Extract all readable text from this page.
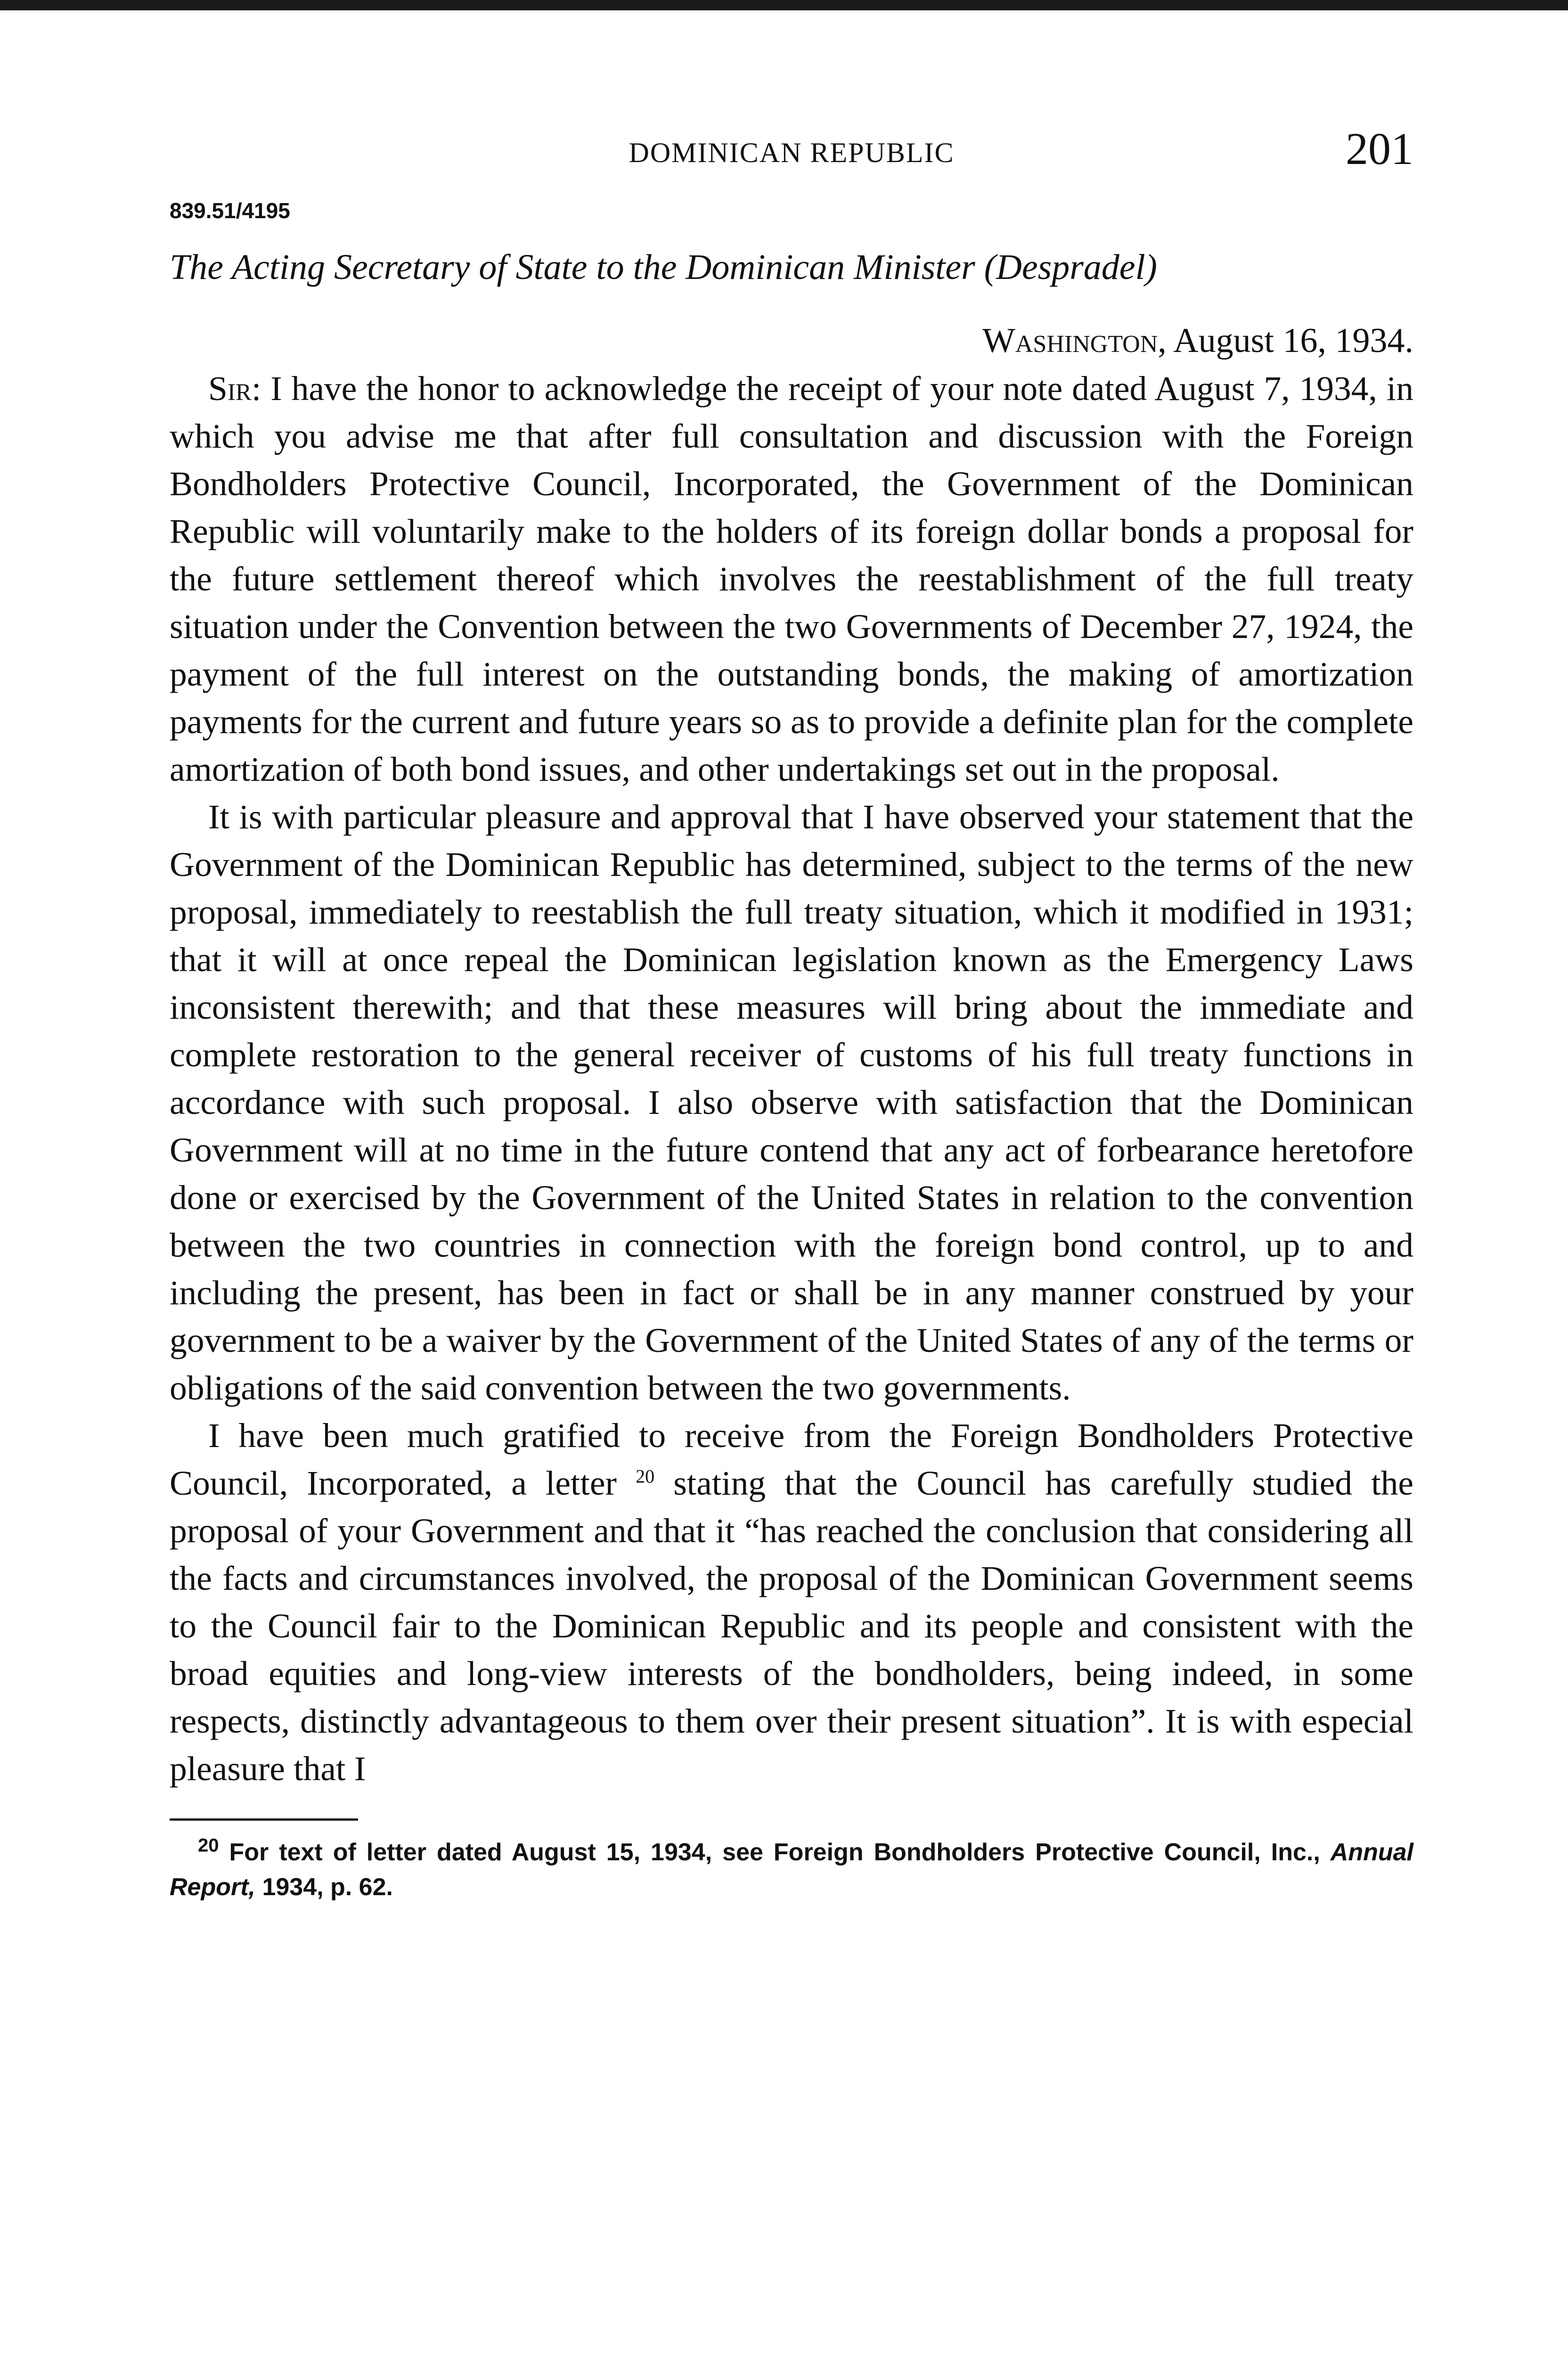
DOMINICAN REPUBLIC	201
839.51/4195
The Acting Secretary of State to the Dominican Minister (Despradel)
Washington, August 16, 1934.

Sir: I have the honor to acknowledge the receipt of your note dated August 7, 1934, in which you advise me that after full consultation and discussion with the Foreign Bondholders Protective Council, Incorporated, the Government of the Dominican Republic will voluntarily make to the holders of its foreign dollar bonds a proposal for the future settlement thereof which involves the reestablishment of the full treaty situation under the Convention between the two Governments of December 27, 1924, the payment of the full interest on the outstanding bonds, the making of amortization payments for the current and future years so as to provide a definite plan for the complete amortization of both bond issues, and other undertakings set out in the proposal.

It is with particular pleasure and approval that I have observed your statement that the Government of the Dominican Republic has determined, subject to the terms of the new proposal, immediately to reestablish the full treaty situation, which it modified in 1931; that it will at once repeal the Dominican legislation known as the Emergency Laws inconsistent therewith; and that these measures will bring about the immediate and complete restoration to the general receiver of customs of his full treaty functions in accordance with such proposal. I also observe with satisfaction that the Dominican Government will at no time in the future contend that any act of forbearance heretofore done or exercised by the Government of the United States in relation to the convention between the two countries in connection with the foreign bond control, up to and including the present, has been in fact or shall be in any manner construed by your government to be a waiver by the Government of the United States of any of the terms or obligations of the said convention between the two governments.

I have been much gratified to receive from the Foreign Bondholders Protective Council, Incorporated, a letter $^{20}$ stating that the Council has carefully studied the proposal of your Government and that it “has reached the conclusion that considering all the facts and circumstances involved, the proposal of the Dominican Government seems to the Council fair to the Dominican Republic and its people and consistent with the broad equities and long-view interests of the bondholders, being indeed, in some respects, distinctly advantageous to them over their present situation”. It is with especial pleasure that I

$^{20}$ For text of letter dated August 15, 1934, see Foreign Bondholders Protective Council, Inc., Annual Report, 1934, p. 62.
